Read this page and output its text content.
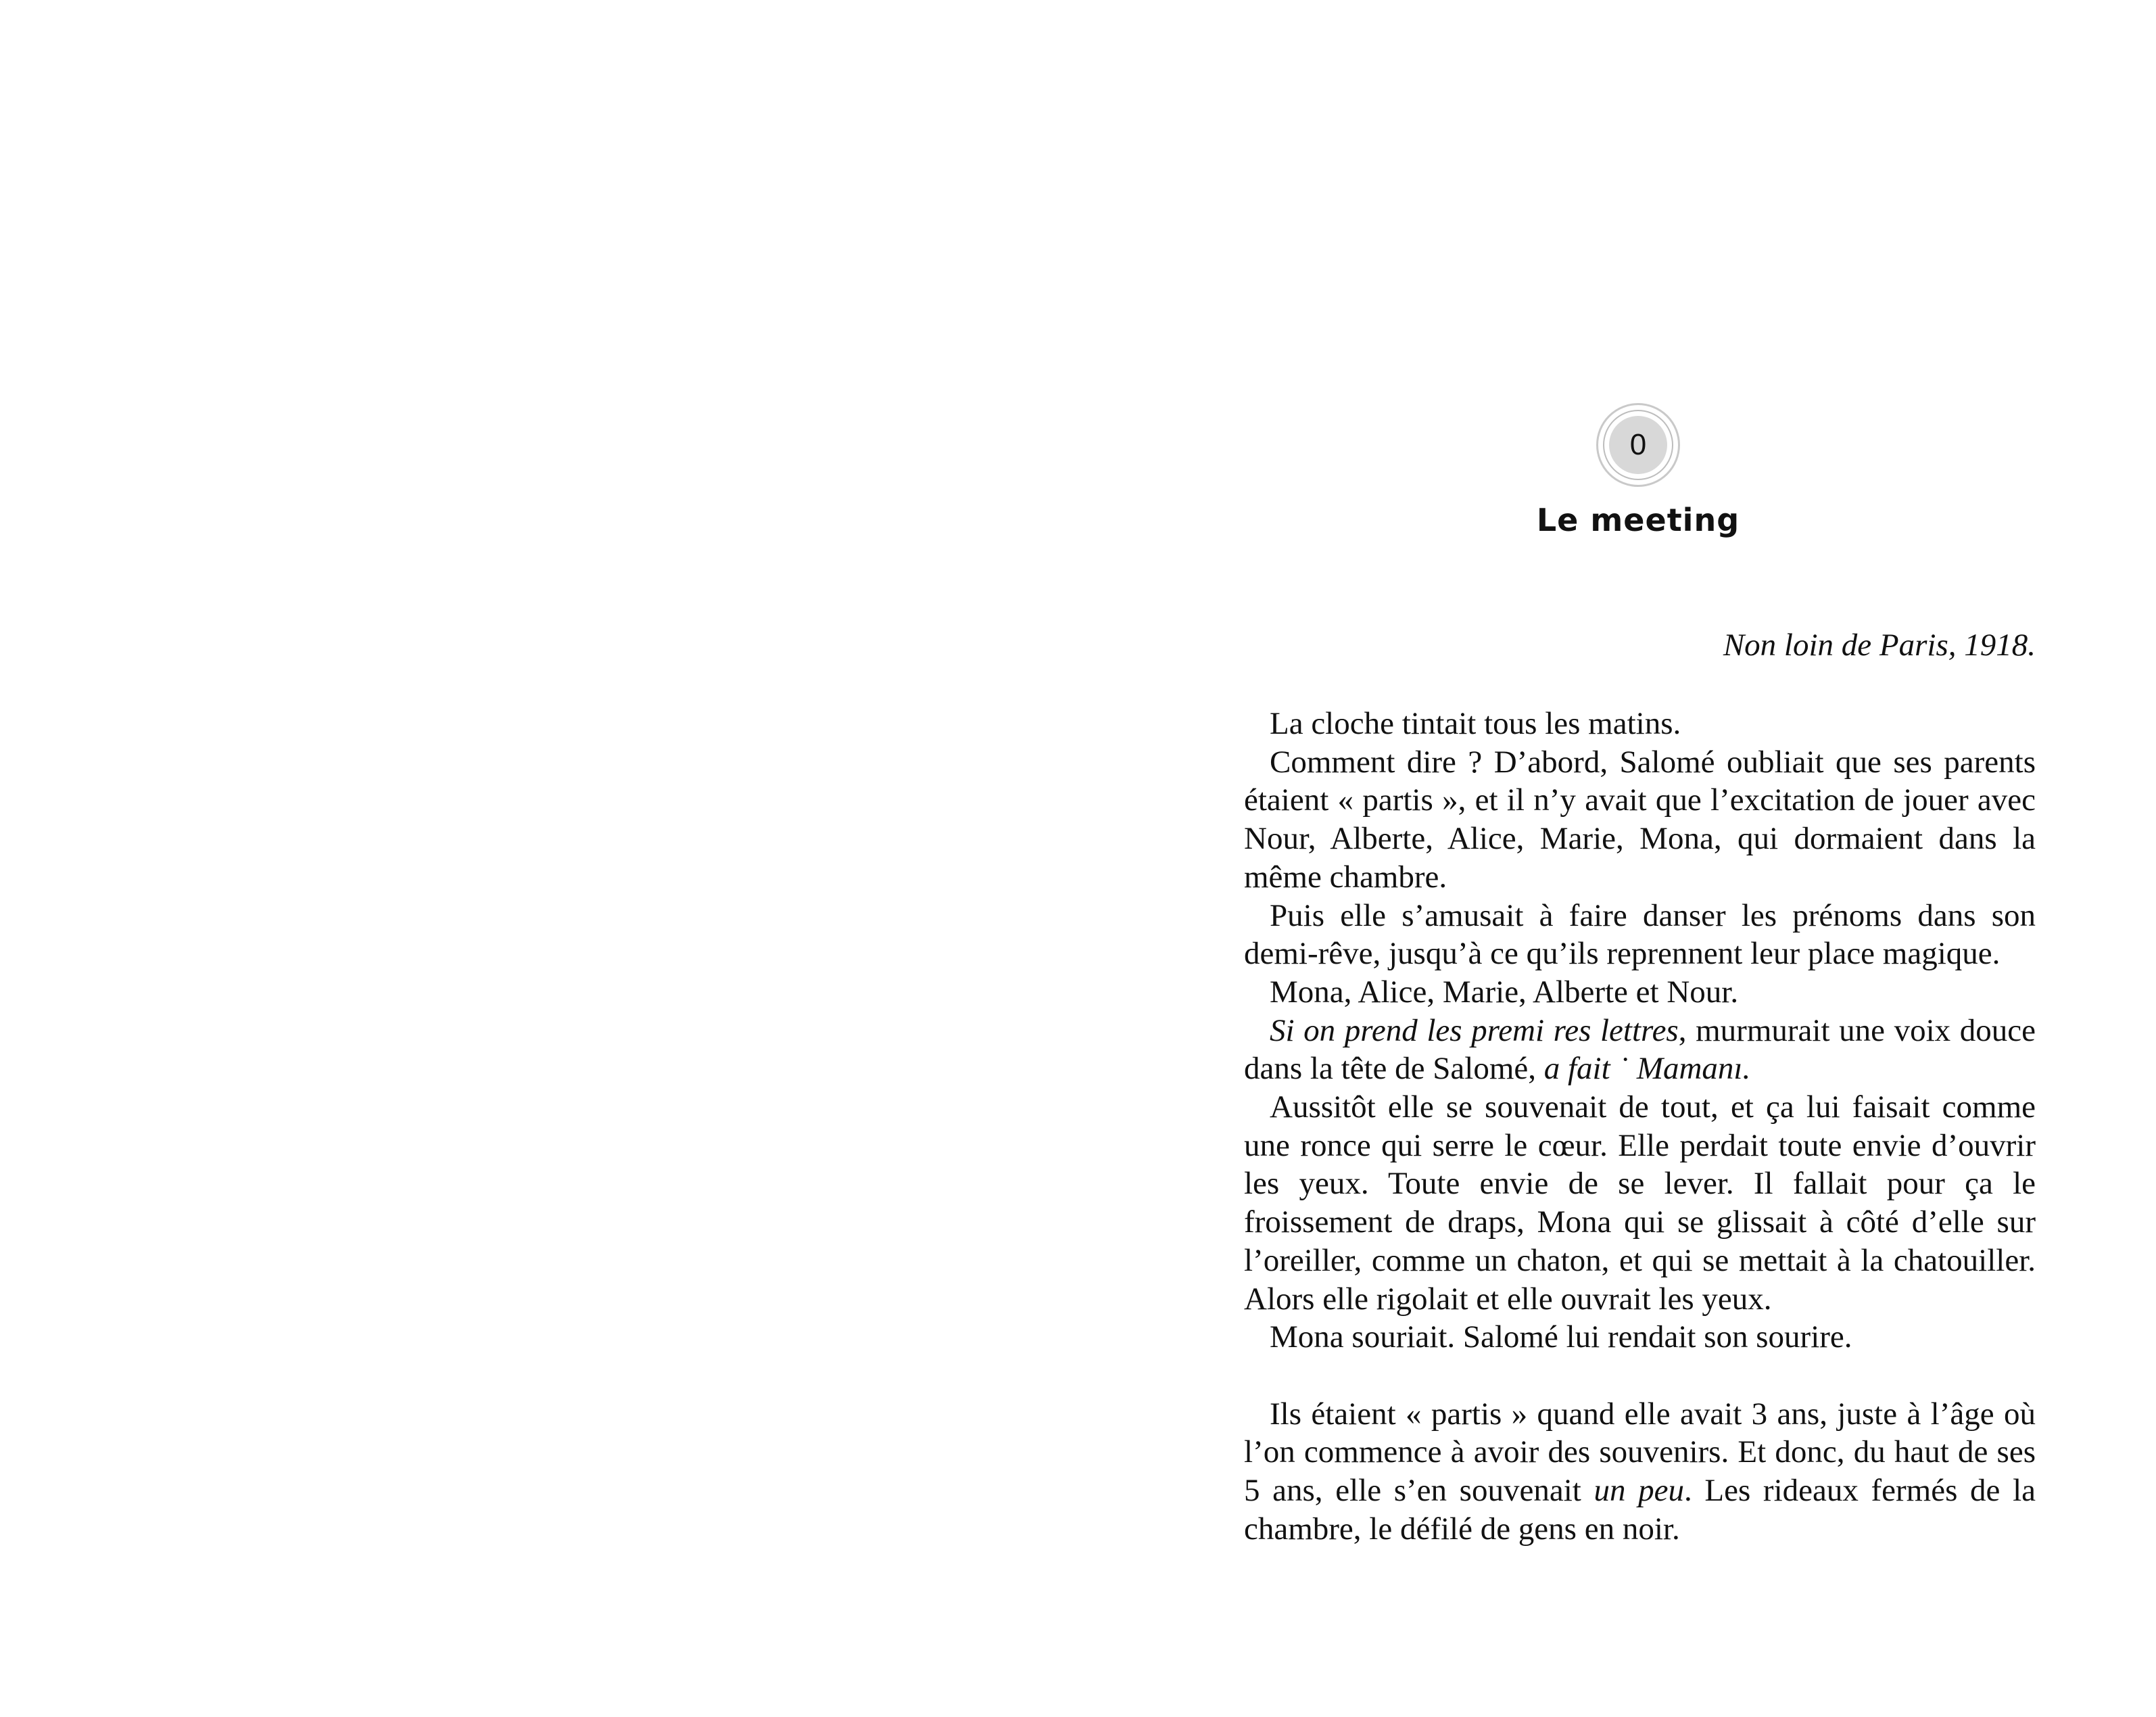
0
Le meeting
Non loin de Paris, 1918.

La cloche tintait tous les matins.

Comment dire ? D’abord, Salomé oubliait que ses parents étaient « partis », et il n’y avait que l’excitation de jouer avec Nour, Alberte, Alice, Marie, Mona, qui dormaient dans la même chambre.

Puis elle s’amusait à faire danser les prénoms dans son demi-rêve, jusqu’à ce qu’ils reprennent leur place magique.

Mona, Alice, Marie, Alberte et Nour.

Si on prend les premi res lettres, murmurait une voix douce dans la tête de Salomé, a fait ˙ Mamanı.

Aussitôt elle se souvenait de tout, et ça lui faisait comme une ronce qui serre le cœur. Elle perdait toute envie d’ouvrir les yeux. Toute envie de se lever. Il fallait pour ça le froissement de draps, Mona qui se glissait à côté d’elle sur l’oreiller, comme un chaton, et qui se mettait à la chatouiller. Alors elle rigolait et elle ouvrait les yeux.

Mona souriait. Salomé lui rendait son sourire.

Ils étaient « partis » quand elle avait 3 ans, juste à l’âge où l’on commence à avoir des souvenirs. Et donc, du haut de ses 5 ans, elle s’en souvenait un peu. Les rideaux fermés de la chambre, le défilé de gens en noir.
